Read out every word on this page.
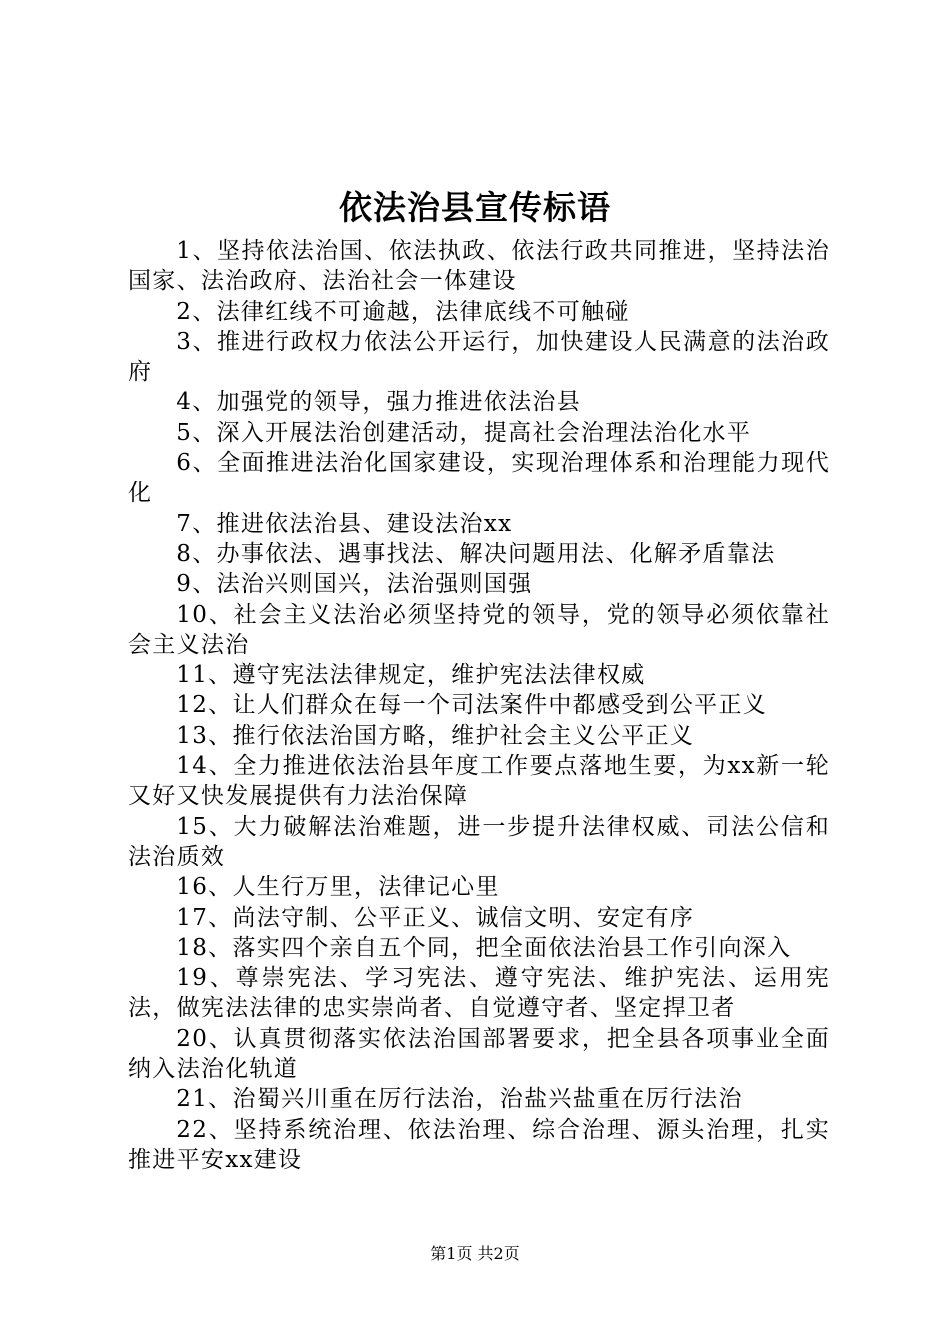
依法治县宣传标语

1、坚持依法治国、依法执政、依法行政共同推进，坚持法治国家、法治政府、法治社会一体建设

2、法律红线不可逾越，法律底线不可触碰

3、推进行政权力依法公开运行，加快建设人民满意的法治政府

4、加强党的领导，强力推进依法治县

5、深入开展法治创建活动，提高社会治理法治化水平

6、全面推进法治化国家建设，实现治理体系和治理能力现代化

7、推进依法治县、建设法治xx

8、办事依法、遇事找法、解决问题用法、化解矛盾靠法

9、法治兴则国兴，法治强则国强

10、社会主义法治必须坚持党的领导，党的领导必须依靠社会主义法治

11、遵守宪法法律规定，维护宪法法律权威

12、让人们群众在每一个司法案件中都感受到公平正义

13、推行依法治国方略，维护社会主义公平正义

14、全力推进依法治县年度工作要点落地生要，为xx新一轮又好又快发展提供有力法治保障

15、大力破解法治难题，进一步提升法律权威、司法公信和法治质效

16、人生行万里，法律记心里

17、尚法守制、公平正义、诚信文明、安定有序

18、落实四个亲自五个同，把全面依法治县工作引向深入

19、尊崇宪法、学习宪法、遵守宪法、维护宪法、运用宪法，做宪法法律的忠实崇尚者、自觉遵守者、坚定捍卫者

20、认真贯彻落实依法治国部署要求，把全县各项事业全面纳入法治化轨道

21、治蜀兴川重在厉行法治，治盐兴盐重在厉行法治

22、坚持系统治理、依法治理、综合治理、源头治理，扎实推进平安xx建设

第1页 共2页
